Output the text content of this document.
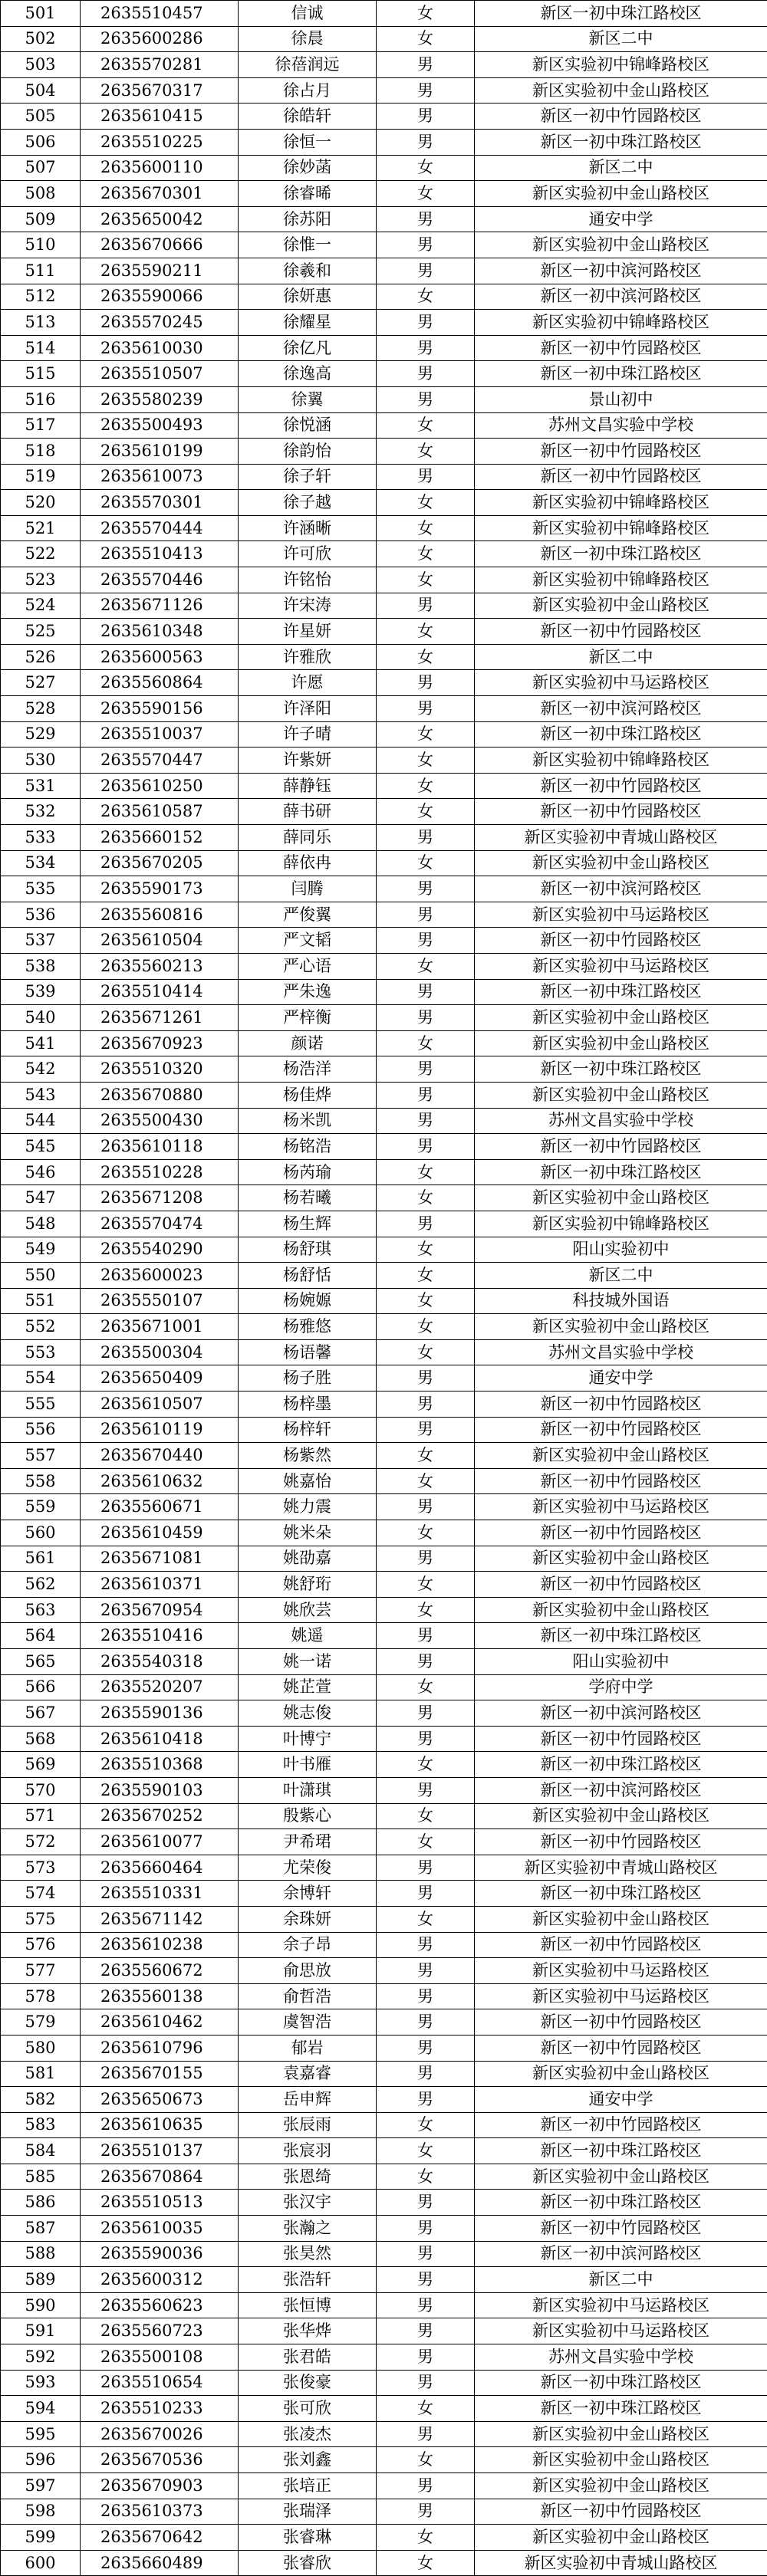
501	2635510457	信诚	女	新区一初中珠江路校区
502	2635600286	徐晨	女	新区二中
503	2635570281	徐蓓润远	男	新区实验初中锦峰路校区
504	2635670317	徐占月	男	新区实验初中金山路校区
505	2635610415	徐皓轩	男	新区一初中竹园路校区
506	2635510225	徐恒一	男	新区一初中珠江路校区
507	2635600110	徐妙菡	女	新区二中
508	2635670301	徐睿晞	女	新区实验初中金山路校区
509	2635650042	徐苏阳	男	通安中学
510	2635670666	徐惟一	男	新区实验初中金山路校区
511	2635590211	徐羲和	男	新区一初中滨河路校区
512	2635590066	徐妍惠	女	新区一初中滨河路校区
513	2635570245	徐耀星	男	新区实验初中锦峰路校区
514	2635610030	徐亿凡	男	新区一初中竹园路校区
515	2635510507	徐逸高	男	新区一初中珠江路校区
516	2635580239	徐翼	男	景山初中
517	2635500493	徐悦涵	女	苏州文昌实验中学校
518	2635610199	徐韵怡	女	新区一初中竹园路校区
519	2635610073	徐子轩	男	新区一初中竹园路校区
520	2635570301	徐子越	女	新区实验初中锦峰路校区
521	2635570444	许涵晰	女	新区实验初中锦峰路校区
522	2635510413	许可欣	女	新区一初中珠江路校区
523	2635570446	许铭怡	女	新区实验初中锦峰路校区
524	2635671126	许宋涛	男	新区实验初中金山路校区
525	2635610348	许星妍	女	新区一初中竹园路校区
526	2635600563	许雅欣	女	新区二中
527	2635560864	许愿	男	新区实验初中马运路校区
528	2635590156	许泽阳	男	新区一初中滨河路校区
529	2635510037	许子晴	女	新区一初中珠江路校区
530	2635570447	许紫妍	女	新区实验初中锦峰路校区
531	2635610250	薛静钰	女	新区一初中竹园路校区
532	2635610587	薛书研	女	新区一初中竹园路校区
533	2635660152	薛同乐	男	新区实验初中青城山路校区
534	2635670205	薛依冉	女	新区实验初中金山路校区
535	2635590173	闫腾	男	新区一初中滨河路校区
536	2635560816	严俊翼	男	新区实验初中马运路校区
537	2635610504	严文韬	男	新区一初中竹园路校区
538	2635560213	严心语	女	新区实验初中马运路校区
539	2635510414	严朱逸	男	新区一初中珠江路校区
540	2635671261	严梓衡	男	新区实验初中金山路校区
541	2635670923	颜诺	女	新区实验初中金山路校区
542	2635510320	杨浩洋	男	新区一初中珠江路校区
543	2635670880	杨佳烨	男	新区实验初中金山路校区
544	2635500430	杨米凯	男	苏州文昌实验中学校
545	2635610118	杨铭浩	男	新区一初中竹园路校区
546	2635510228	杨芮瑜	女	新区一初中珠江路校区
547	2635671208	杨若曦	女	新区实验初中金山路校区
548	2635570474	杨生辉	男	新区实验初中锦峰路校区
549	2635540290	杨舒琪	女	阳山实验初中
550	2635600023	杨舒恬	女	新区二中
551	2635550107	杨婉嫄	女	科技城外国语
552	2635671001	杨雅悠	女	新区实验初中金山路校区
553	2635500304	杨语馨	女	苏州文昌实验中学校
554	2635650409	杨子胜	男	通安中学
555	2635610507	杨梓墨	男	新区一初中竹园路校区
556	2635610119	杨梓轩	男	新区一初中竹园路校区
557	2635670440	杨紫然	女	新区实验初中金山路校区
558	2635610632	姚嘉怡	女	新区一初中竹园路校区
559	2635560671	姚力震	男	新区实验初中马运路校区
560	2635610459	姚米朵	女	新区一初中竹园路校区
561	2635671081	姚劭嘉	男	新区实验初中金山路校区
562	2635610371	姚舒珩	女	新区一初中竹园路校区
563	2635670954	姚欣芸	女	新区实验初中金山路校区
564	2635510416	姚遥	男	新区一初中珠江路校区
565	2635540318	姚一诺	男	阳山实验初中
566	2635520207	姚芷萱	女	学府中学
567	2635590136	姚志俊	男	新区一初中滨河路校区
568	2635610418	叶博宁	男	新区一初中竹园路校区
569	2635510368	叶书雁	女	新区一初中珠江路校区
570	2635590103	叶潇琪	男	新区一初中滨河路校区
571	2635670252	殷紫心	女	新区实验初中金山路校区
572	2635610077	尹希珺	女	新区一初中竹园路校区
573	2635660464	尤荣俊	男	新区实验初中青城山路校区
574	2635510331	余博轩	男	新区一初中珠江路校区
575	2635671142	余珠妍	女	新区实验初中金山路校区
576	2635610238	余子昂	男	新区一初中竹园路校区
577	2635560672	俞思放	男	新区实验初中马运路校区
578	2635560138	俞哲浩	男	新区实验初中马运路校区
579	2635610462	虞智浩	男	新区一初中竹园路校区
580	2635610796	郁岩	男	新区一初中竹园路校区
581	2635670155	袁嘉睿	男	新区实验初中金山路校区
582	2635650673	岳申辉	男	通安中学
583	2635610635	张辰雨	女	新区一初中竹园路校区
584	2635510137	张宸羽	女	新区一初中珠江路校区
585	2635670864	张恩绮	女	新区实验初中金山路校区
586	2635510513	张汉宇	男	新区一初中珠江路校区
587	2635610035	张瀚之	男	新区一初中竹园路校区
588	2635590036	张昊然	男	新区一初中滨河路校区
589	2635600312	张浩轩	男	新区二中
590	2635560623	张恒博	男	新区实验初中马运路校区
591	2635560723	张华烨	男	新区实验初中马运路校区
592	2635500108	张君皓	男	苏州文昌实验中学校
593	2635510654	张俊豪	男	新区一初中珠江路校区
594	2635510233	张可欣	女	新区一初中珠江路校区
595	2635670026	张凌杰	男	新区实验初中金山路校区
596	2635670536	张刘鑫	女	新区实验初中金山路校区
597	2635670903	张培正	男	新区实验初中金山路校区
598	2635610373	张瑞泽	男	新区一初中竹园路校区
599	2635670642	张睿琳	女	新区实验初中金山路校区
600	2635660489	张睿欣	女	新区实验初中青城山路校区
